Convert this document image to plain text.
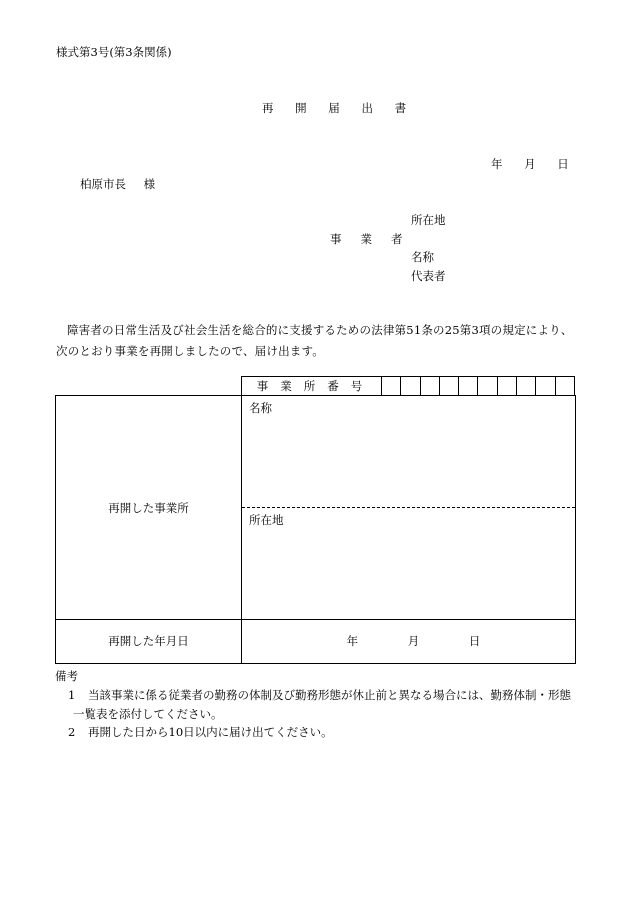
様式第3号(第3条関係)
再 開 届 出 書
年 月 日
柏原市長 様
所在地
事業者
名称
代表者
障害者の日常生活及び社会生活を総合的に支援するための法律第51条の25第3項の規定により、次のとおり事業を再開しましたので、届け出ます。
事業所番号
再開した事業所
名称
所在地
再開した年月日	年 月 日
備考
1 当該事業に係る従業者の勤務の体制及び勤務形態が休止前と異なる場合には、勤務体制・形態
一覧表を添付してください。
2 再開した日から10日以内に届け出てください。
